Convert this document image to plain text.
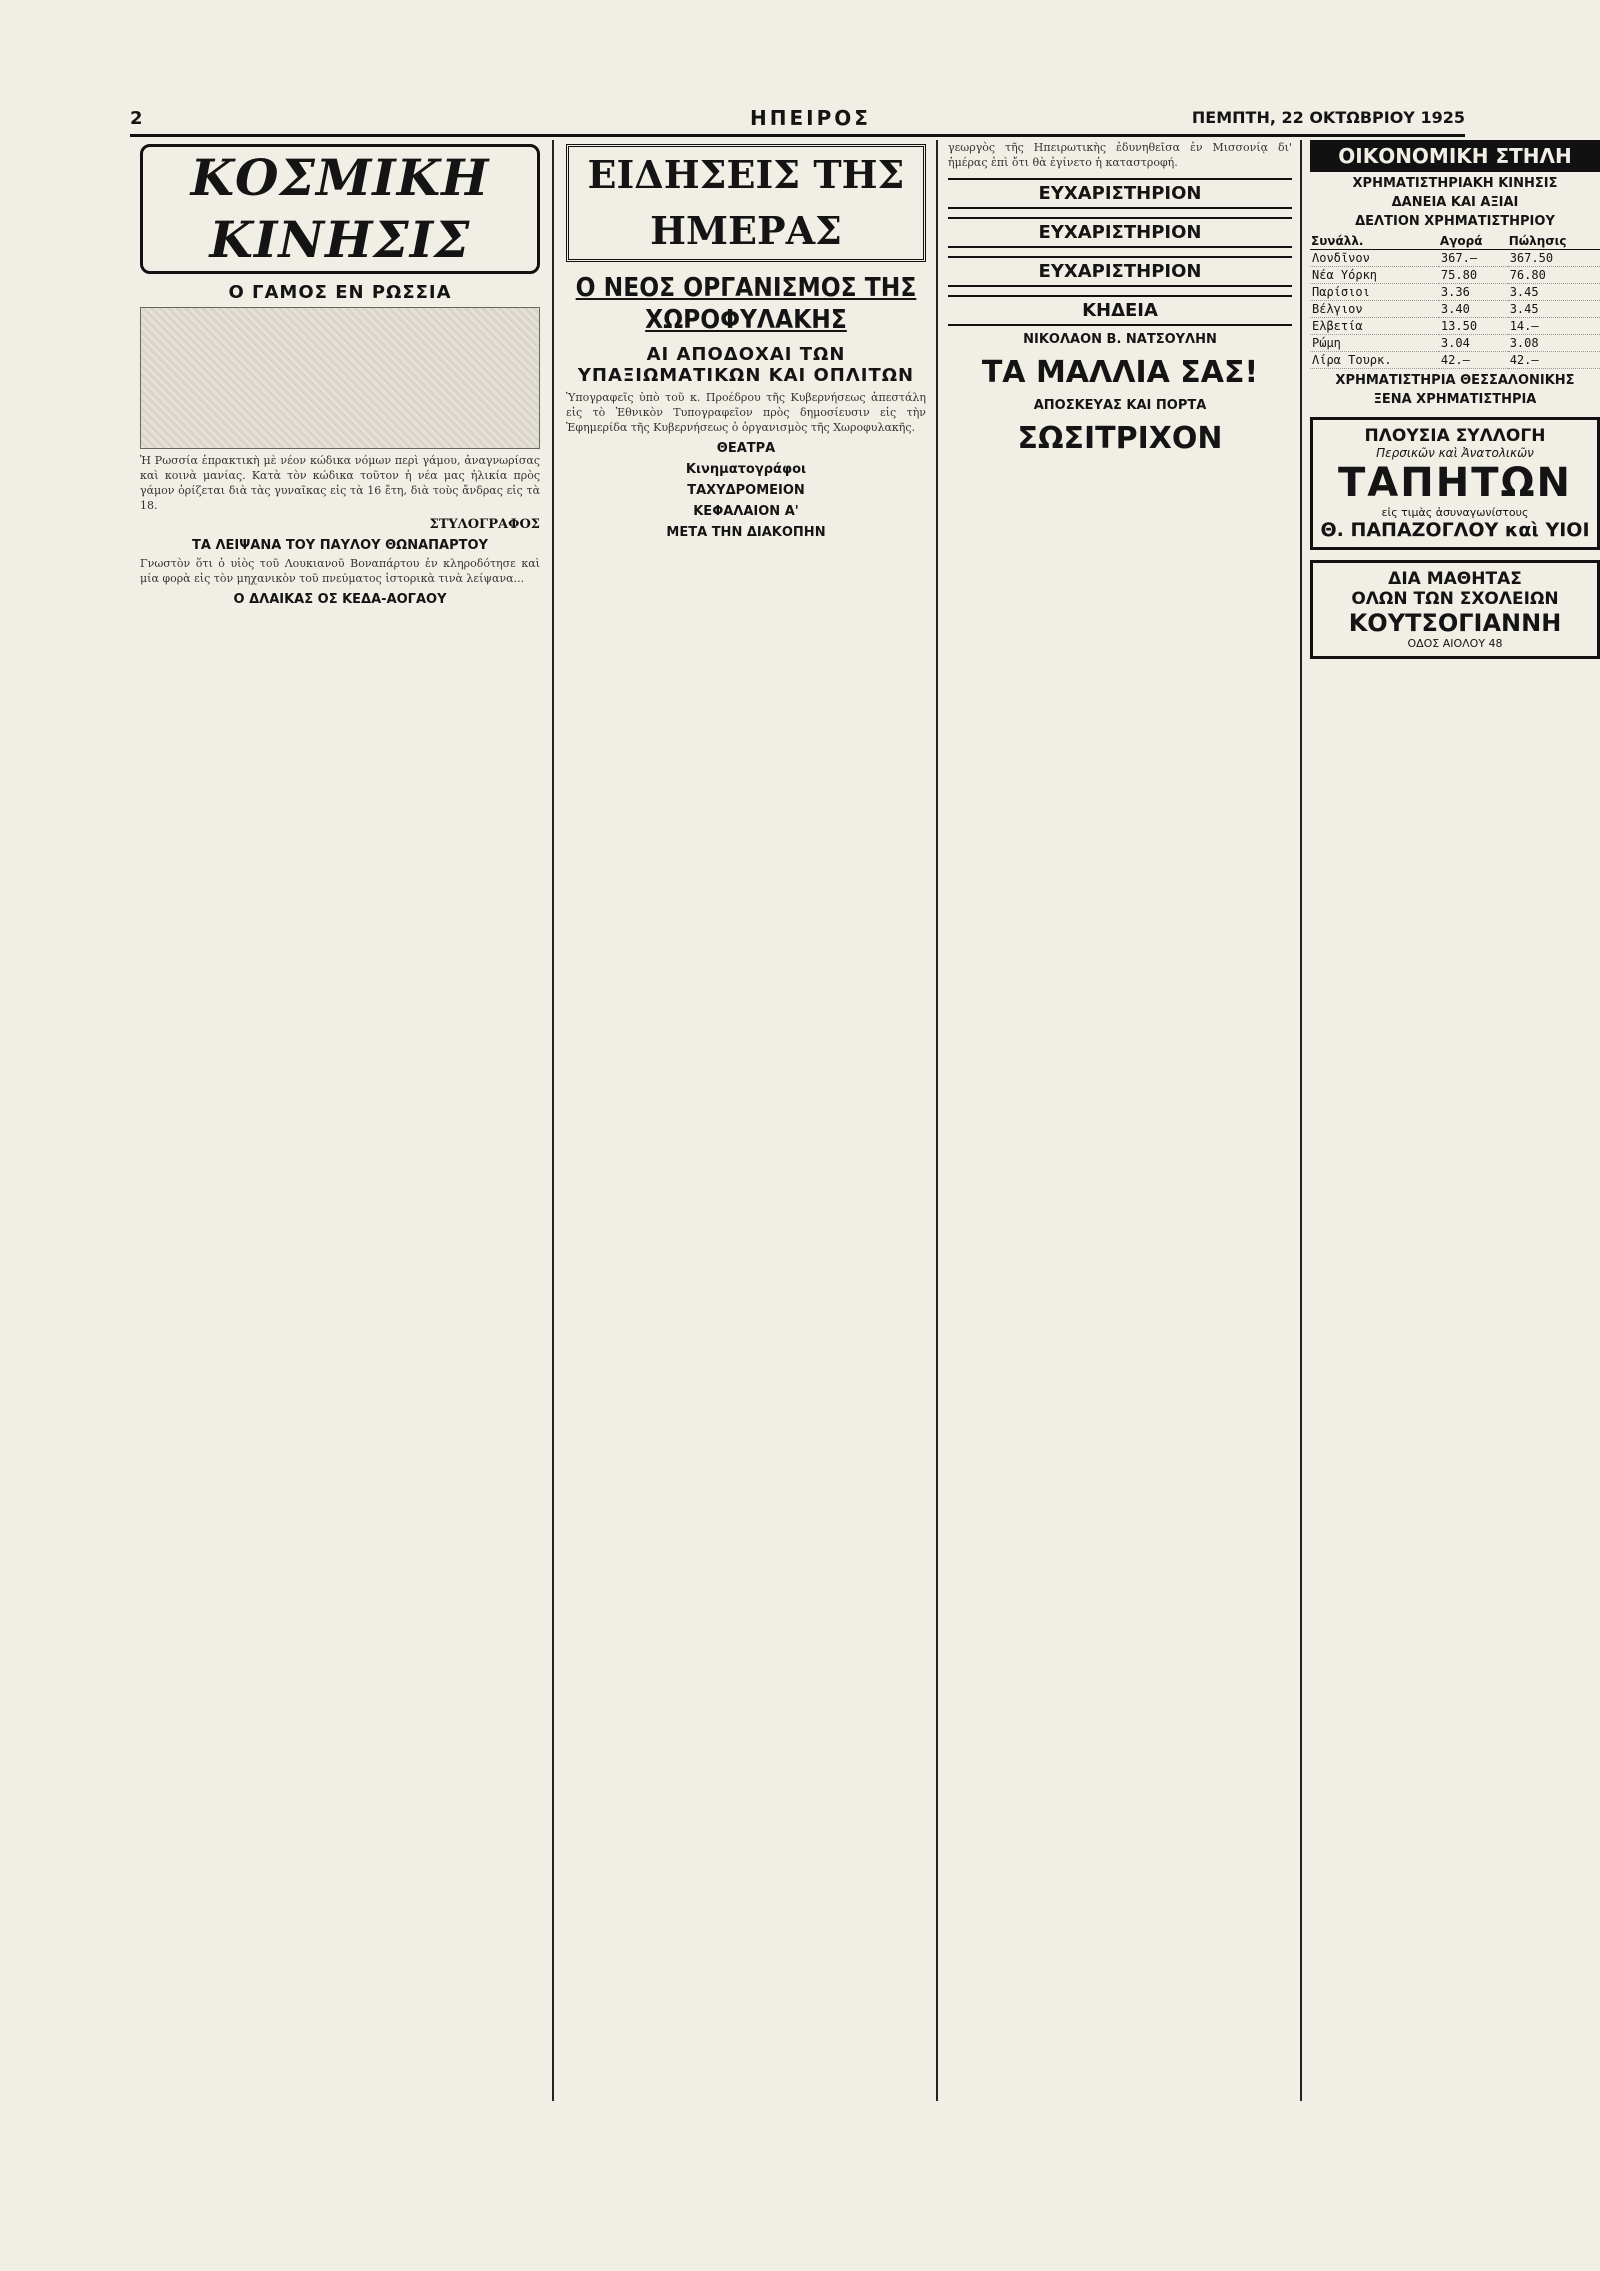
2	ΗΠΕΙΡΟΣ	ΠΕΜΠΤΗ, 22 ΟΚΤΩΒΡΙΟΥ 1925
ΚΟΣΜΙΚΗ ΚΙΝΗΣΙΣ
Ο ΓΑΜΟΣ ΕΝ ΡΩΣΣΙΑ

Ἡ Ρωσσία ἐπρακτικὴ μὲ νέον κώδικα νόμων περὶ γάμου, ἀναγνωρίσας καὶ κοινὰ μανίας. Κατὰ τὸν κώδικα τοῦτον ἡ νέα μας ἡλικία πρὸς γάμον ὁρίζεται διὰ τὰς γυναῖκας εἰς τὰ 16 ἔτη, διὰ τοὺς ἄνδρας εἰς τὰ 18.

ΣΤΥΛΟΓΡΑΦΟΣ
ΤΑ ΛΕΙΨΑΝΑ ΤΟΥ ΠΑΥΛΟΥ ΘΩΝΑΠΑΡΤΟΥ

Γνωστὸν ὅτι ὁ υἱὸς τοῦ Λουκιανοῦ Βοναπάρτου ἐν κληροδότησε καὶ μία φορὰ εἰς τὸν μηχανικὸν τοῦ πνεύματος ἱστορικὰ τινὰ λείψανα...

Ο ΔΛΑΙΚΑΣ ΟΣ ΚΕΔΑ-ΑΟΓΑΟΥ
ΕΙΔΗΣΕΙΣ ΤΗΣ ΗΜΕΡΑΣ
Ο ΝΕΟΣ ΟΡΓΑΝΙΣΜΟΣ ΤΗΣ ΧΩΡΟΦΥΛΑΚΗΣ
ΑΙ ΑΠΟΔΟΧΑΙ ΤΩΝ ΥΠΑΞΙΩΜΑΤΙΚΩΝ ΚΑΙ ΟΠΛΙΤΩΝ

Ὑπογραφεῖς ὑπὸ τοῦ κ. Προέδρου τῆς Κυβερνήσεως ἀπεστάλη εἰς τὸ Ἐθνικὸν Τυπογραφεῖον πρὸς δημοσίευσιν εἰς τὴν Ἐφημερίδα τῆς Κυβερνήσεως ὁ ὀργανισμὸς τῆς Χωροφυλακῆς.

ΘΕΑΤΡΑ
Κινηματογράφοι
ΤΑΧΥΔΡΟΜΕΙΟΝ
ΚΕΦΑΛΑΙΟΝ Α'
ΜΕΤΑ ΤΗΝ ΔΙΑΚΟΠΗΝ

γεωργὸς τῆς Ηπειρωτικὴς ἐδυνηθεῖσα ἐν Μισσονίᾳ δι' ἡμέρας ἐπὶ ὄτι θὰ ἐγίνετο ἡ καταστροφή.

ΕΥΧΑΡΙΣΤΗΡΙΟΝ
ΕΥΧΑΡΙΣΤΗΡΙΟΝ
ΕΥΧΑΡΙΣΤΗΡΙΟΝ
ΚΗΔΕΙΑ
ΝΙΚΟΛΑΟΝ Β. ΝΑΤΣΟΥΛΗΝ
ΤΑ ΜΑΛΛΙΑ ΣΑΣ!
ΑΠΟΣΚΕΥΑΣ ΚΑΙ ΠΟΡΤΑ
ΣΩΣΙΤΡΙΧΟΝ
ΟΙΚΟΝΟΜΙΚΗ ΣΤΗΛΗ
ΧΡΗΜΑΤΙΣΤΗΡΙΑΚΗ ΚΙΝΗΣΙΣ
ΔΑΝΕΙΑ ΚΑΙ ΑΞΙΑΙ
ΔΕΛΤΙΟΝ ΧΡΗΜΑΤΙΣΤΗΡΙΟΥ
Συνάλλ.	Αγορά	Πώλησις
Λονδῖνον	367.—	367.50
Νέα Υόρκη	75.80	76.80
Παρίσιοι	3.36	3.45
Βέλγιον	3.40	3.45
Ελβετία	13.50	14.—
Ρώμη	3.04	3.08
Λίρα Τουρκ.	42.—	42.—
ΧΡΗΜΑΤΙΣΤΗΡΙΑ ΘΕΣΣΑΛΟΝΙΚΗΣ
ΞΕΝΑ ΧΡΗΜΑΤΙΣΤΗΡΙΑ
ΠΛΟΥΣΙΑ ΣΥΛΛΟΓΗ
Περσικῶν καὶ Ἀνατολικῶν
ΤΑΠΗΤΩΝ
εἰς τιμὰς ἀσυναγωνίστους
Θ. ΠΑΠΑΖΟΓΛΟΥ καὶ ΥΙΟΙ
ΔΙΑ ΜΑΘΗΤΑΣ
ΟΛΩΝ ΤΩΝ ΣΧΟΛΕΙΩΝ
ΚΟΥΤΣΟΓΙΑΝΝΗ
ΟΔΟΣ ΑΙΟΛΟΥ 48
